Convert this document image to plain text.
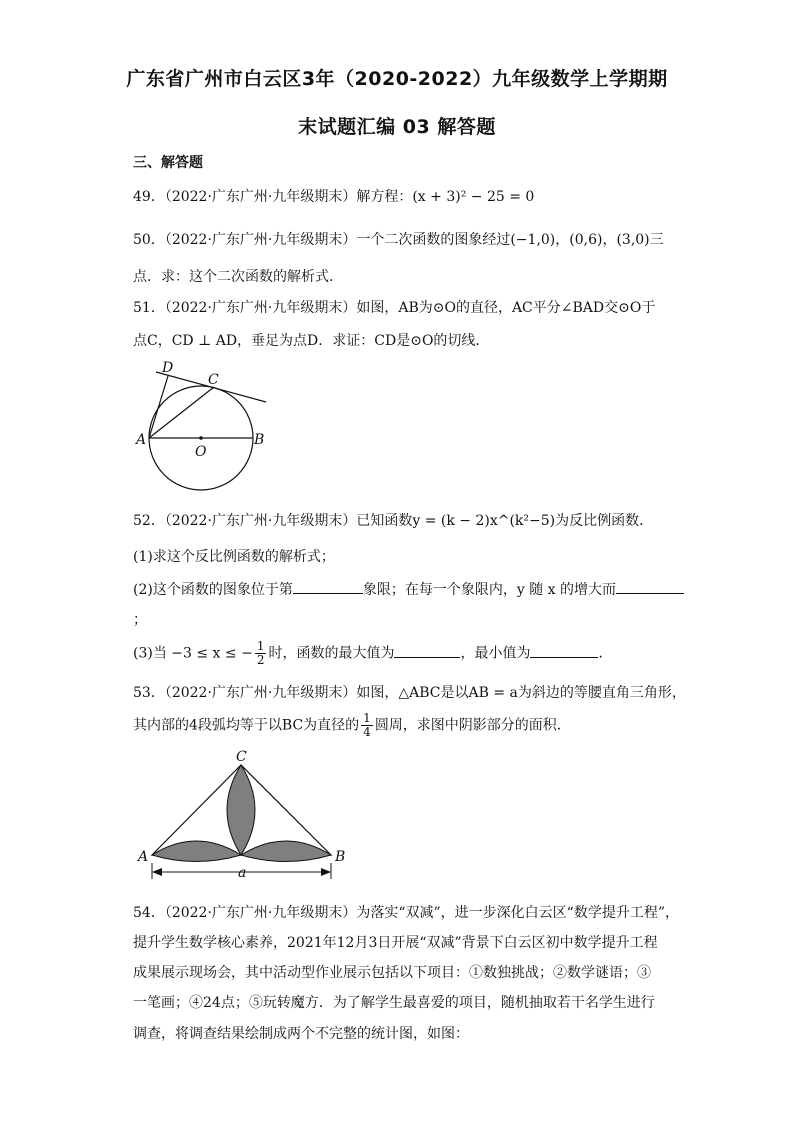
广东省广州市白云区3年（2020-2022）九年级数学上学期期
末试题汇编 03 解答题
三、解答题
49．（2022·广东广州·九年级期末）解方程：(x + 3)² − 25 = 0
50．（2022·广东广州·九年级期末）一个二次函数的图象经过(−1,0)，(0,6)，(3,0)三
点．求：这个二次函数的解析式．
51．（2022·广东广州·九年级期末）如图，AB为⊙O的直径，AC平分∠BAD交⊙O于
点C，CD ⊥ AD，垂足为点D．求证：CD是⊙O的切线．
D
C
A	B
O
52．（2022·广东广州·九年级期末）已知函数y = (k − 2)x^(k²−5)为反比例函数．
(1)求这个反比例函数的解析式；
(2)这个函数的图象位于第	象限；在每一个象限内，y 随 x 的增大而
；
(3)当 −3 ≤ x ≤ − $\frac{1}{2}$ 时，函数的最大值为	，最小值为	．
53．（2022·广东广州·九年级期末）如图，△ABC是以AB = a为斜边的等腰直角三角形，
其内部的4段弧均等于以BC为直径的 $\frac{1}{4}$ 圆周，求图中阴影部分的面积．
C
A	B
a
54．（2022·广东广州·九年级期末）为落实“双减”，进一步深化白云区“数学提升工程”，
提升学生数学核心素养，2021年12月3日开展“双减”背景下白云区初中数学提升工程
成果展示现场会，其中活动型作业展示包括以下项目：①数独挑战；②数学谜语；③
一笔画；④24点；⑤玩转魔方．为了解学生最喜爱的项目，随机抽取若干名学生进行
调查，将调查结果绘制成两个不完整的统计图，如图：
